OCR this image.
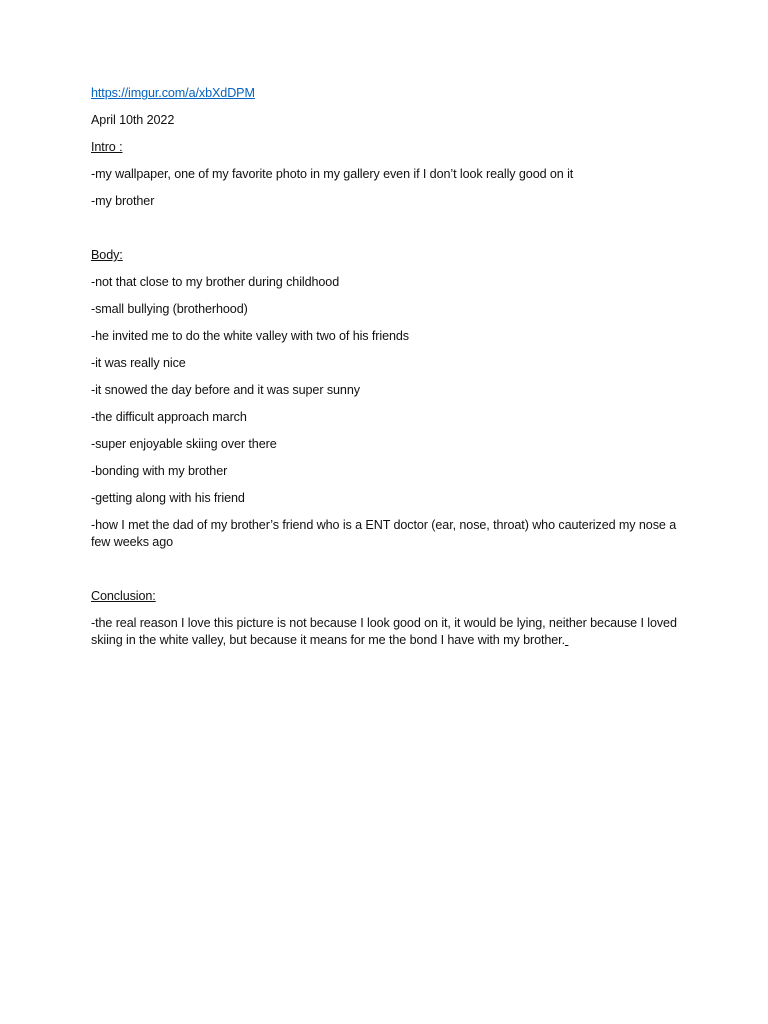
https://imgur.com/a/xbXdDPM

April 10th 2022

Intro :

-my wallpaper, one of my favorite photo in my gallery even if I don’t look really good on it

-my brother

Body:

-not that close to my brother during childhood

-small bullying (brotherhood)

-he invited me to do the white valley with two of his friends

-it was really nice

-it snowed the day before and it was super sunny

-the difficult approach march

-super enjoyable skiing over there

-bonding with my brother

-getting along with his friend

-how I met the dad of my brother’s friend who is a ENT doctor (ear, nose, throat) who cauterized my nose a few weeks ago

Conclusion:

-the real reason I love this picture is not because I look good on it, it would be lying, neither because I loved skiing in the white valley, but because it means for me the bond I have with my brother.
